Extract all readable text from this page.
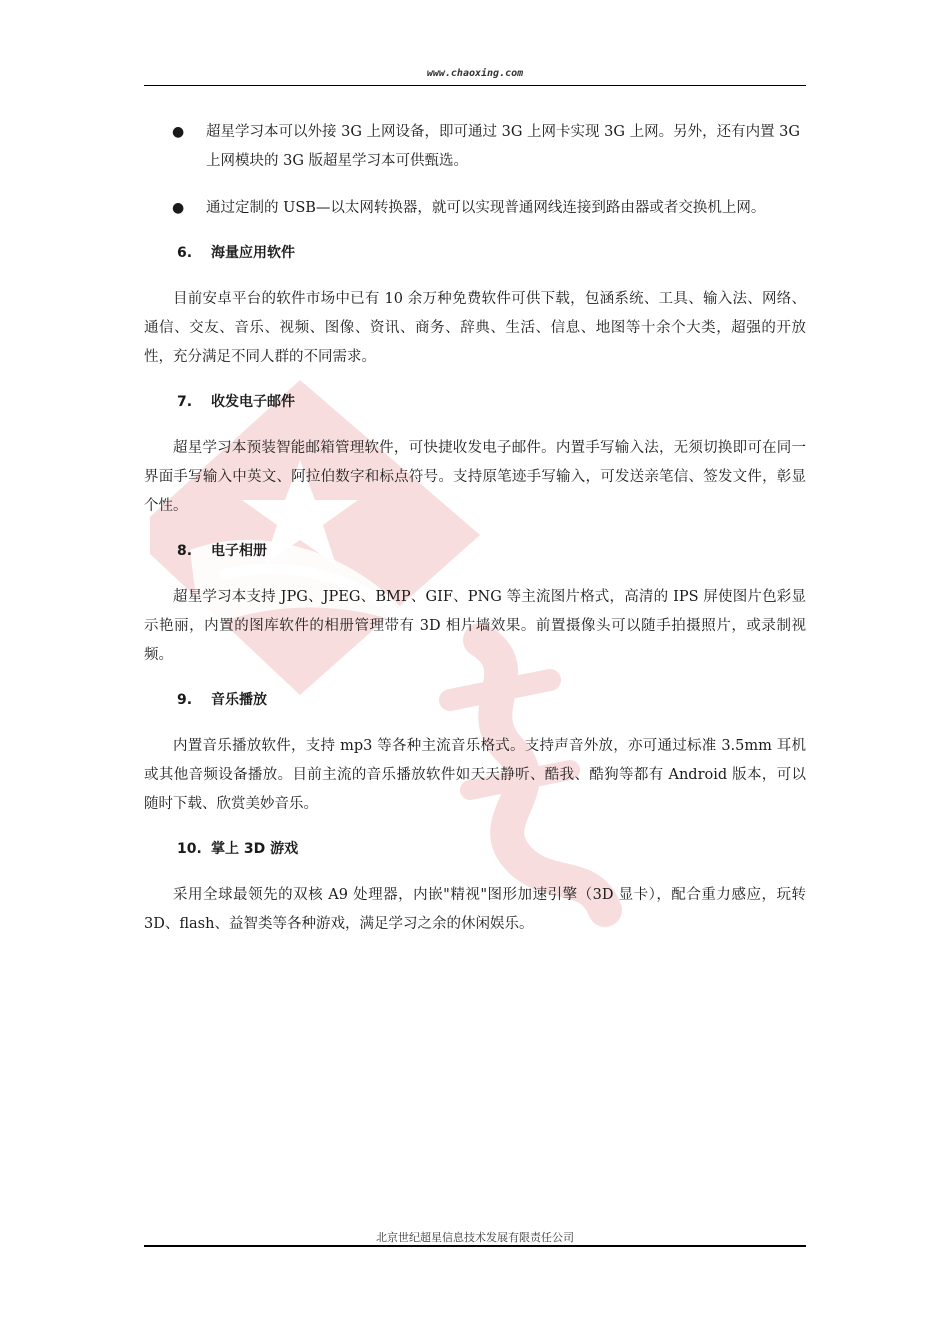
www.chaoxing.com
●	超星学习本可以外接 3G 上网设备，即可通过 3G 上网卡实现 3G 上网。另外，还有内置 3G 上网模块的 3G 版超星学习本可供甄选。
●	通过定制的 USB—以太网转换器，就可以实现普通网线连接到路由器或者交换机上网。
6.	海量应用软件
目前安卓平台的软件市场中已有 10 余万种免费软件可供下载，包涵系统、工具、输入法、网络、通信、交友、音乐、视频、图像、资讯、商务、辞典、生活、信息、地图等十余个大类，超强的开放性，充分满足不同人群的不同需求。
7.	收发电子邮件
超星学习本预装智能邮箱管理软件，可快捷收发电子邮件。内置手写输入法，无须切换即可在同一界面手写输入中英文、阿拉伯数字和标点符号。支持原笔迹手写输入，可发送亲笔信、签发文件，彰显个性。
8.	电子相册
超星学习本支持 JPG、JPEG、BMP、GIF、PNG 等主流图片格式，高清的 IPS 屏使图片色彩显示艳丽，内置的图库软件的相册管理带有 3D 相片墙效果。前置摄像头可以随手拍摄照片，或录制视频。
9.	音乐播放
内置音乐播放软件，支持 mp3 等各种主流音乐格式。支持声音外放，亦可通过标准 3.5mm 耳机或其他音频设备播放。目前主流的音乐播放软件如天天静听、酷我、酷狗等都有 Android 版本，可以随时下载、欣赏美妙音乐。
10. 掌上 3D 游戏
采用全球最领先的双核 A9 处理器，内嵌"精视"图形加速引擎（3D 显卡），配合重力感应，玩转 3D、flash、益智类等各种游戏，满足学习之余的休闲娱乐。
北京世纪超星信息技术发展有限责任公司
